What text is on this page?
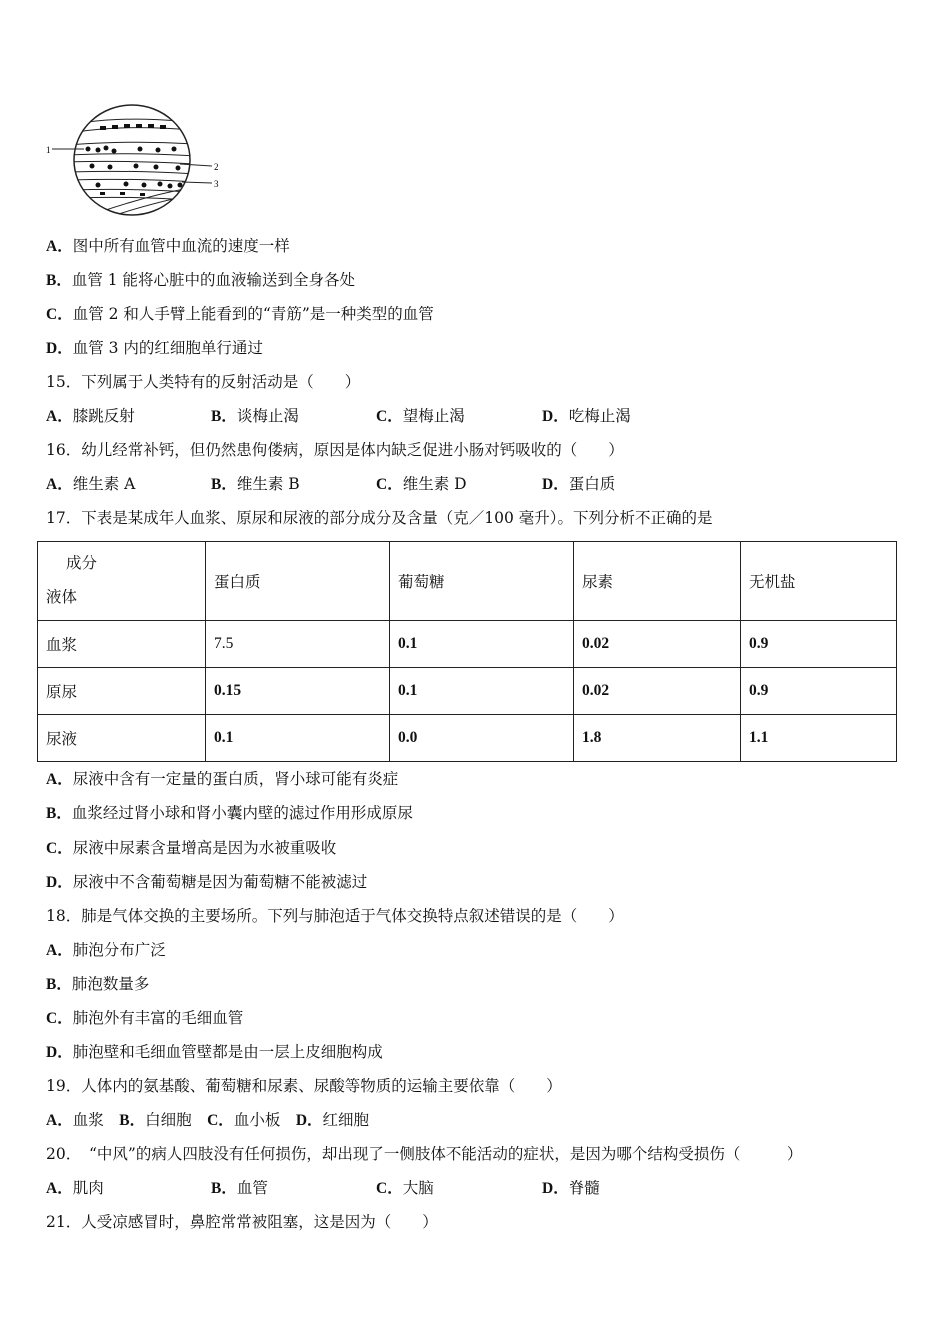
1
2
3
A．图中所有血管中血流的速度一样
B．血管 1 能将心脏中的血液输送到全身各处
C．血管 2 和人手臂上能看到的“青筋”是一种类型的血管
D．血管 3 内的红细胞单行通过
15．下列属于人类特有的反射活动是（　　）
A．膝跳反射	B．谈梅止渴	C．望梅止渴	D．吃梅止渴
16．幼儿经常补钙，但仍然患佝偻病，原因是体内缺乏促进小肠对钙吸收的（　　）
A．维生素 A	B．维生素 B	C．维生素 D	D．蛋白质
17．下表是某成年人血浆、原尿和尿液的部分成分及含量（克／100 毫升）。下列分析不正确的是
成分
液体	蛋白质	葡萄糖	尿素	无机盐
血浆	7.5	0.1	0.02	0.9
原尿	0.15	0.1	0.02	0.9
尿液	0.1	0.0	1.8	1.1
A．尿液中含有一定量的蛋白质，肾小球可能有炎症
B．血浆经过肾小球和肾小囊内壁的滤过作用形成原尿
C．尿液中尿素含量增高是因为水被重吸收
D．尿液中不含葡萄糖是因为葡萄糖不能被滤过
18．肺是气体交换的主要场所。下列与肺泡适于气体交换特点叙述错误的是（　　）
A．肺泡分布广泛
B．肺泡数量多
C．肺泡外有丰富的毛细血管
D．肺泡壁和毛细血管壁都是由一层上皮细胞构成
19．人体内的氨基酸、葡萄糖和尿素、尿酸等物质的运输主要依靠（　　）
A．血浆　 B．白细胞　 C．血小板　 D．红细胞
20．　“中风”的病人四肢没有任何损伤，却出现了一侧肢体不能活动的症状，是因为哪个结构受损伤（　　　）
A．肌肉	B．血管	C．大脑	D．脊髓
21．人受凉感冒时，鼻腔常常被阻塞，这是因为（　　）
